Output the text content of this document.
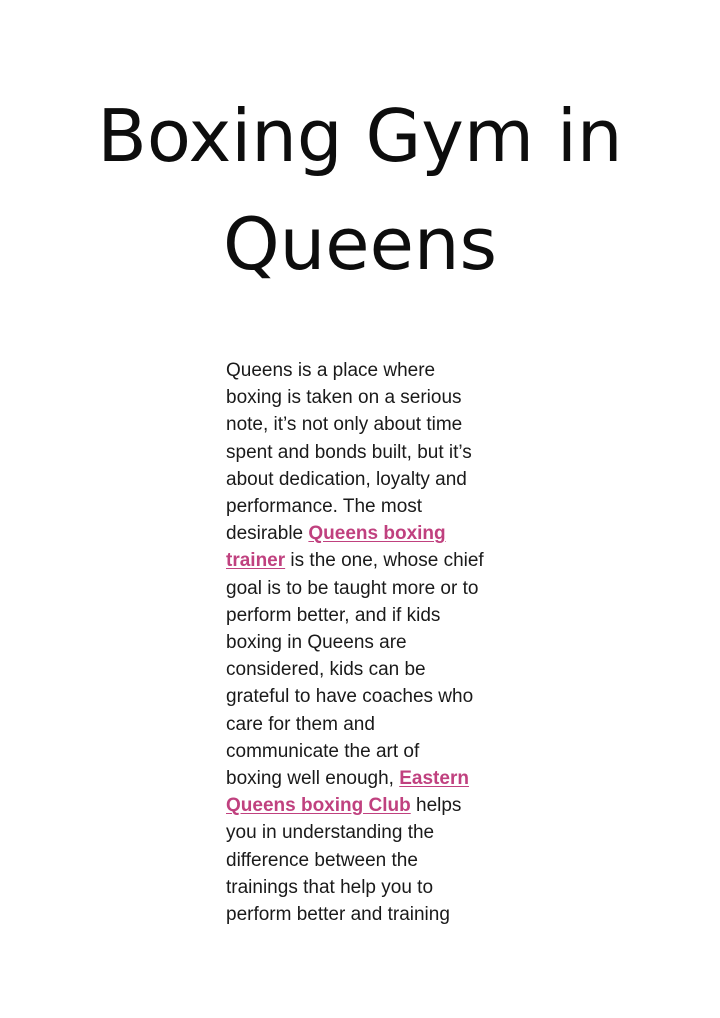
Boxing Gym in
Queens

Queens is a place where
boxing is taken on a serious
note, it’s not only about time
spent and bonds built, but it’s
about dedication, loyalty and
performance. The most
desirable Queens boxing
trainer is the one, whose chief
goal is to be taught more or to
perform better, and if kids
boxing in Queens are
considered, kids can be
grateful to have coaches who
care for them and
communicate the art of
boxing well enough, Eastern
Queens boxing Club helps
you in understanding the
difference between the
trainings that help you to
perform better and training
